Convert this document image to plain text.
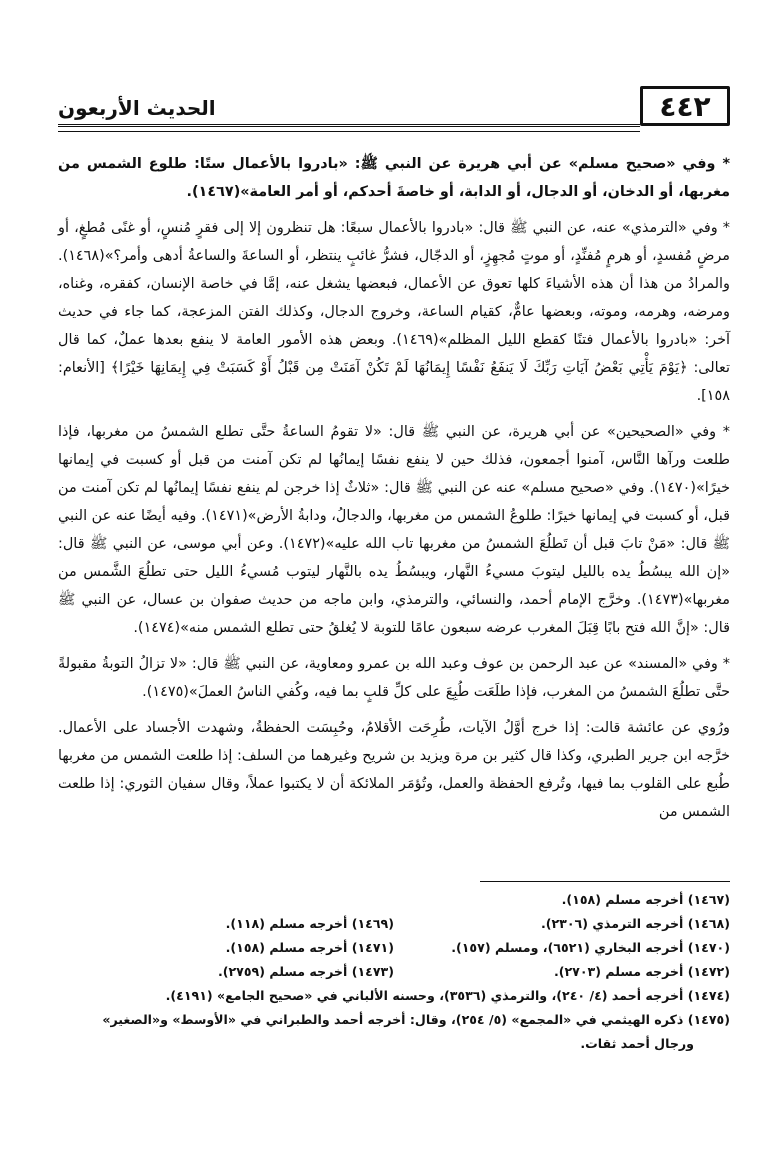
٤٤٢
الحديث الأربعون

* وفي «صحيح مسلم» عن أبي هريرة عن النبي ﷺ: «بادروا بالأعمال ستًا: طلوع الشمس من مغربها، أو الدخان، أو الدجال، أو الدابة، أو خاصةَ أحدكم، أو أمر العامة»(١٤٦٧).

* وفي «الترمذي» عنه، عن النبي ﷺ قال: «بادروا بالأعمال سبعًا: هل تنظرون إلا إلى فقرٍ مُنسٍ، أو غنًى مُطغٍ، أو مرضٍ مُفسدٍ، أو هرمٍ مُفنِّدٍ، أو موتٍ مُجهِزٍ، أو الدجّال، فشرُّ غائبٍ ينتظر، أو الساعةَ والساعةُ أدهى وأمر؟»(١٤٦٨). والمرادُ من هذا أن هذه الأشياءَ كلها تعوق عن الأعمال، فبعضها يشغل عنه، إمَّا في خاصة الإنسان، كفقره، وغناه، ومرضه، وهرمه، وموته، وبعضها عامٌّ، كقيام الساعة، وخروج الدجال، وكذلك الفتن المزعجة، كما جاء في حديث آخر: «بادروا بالأعمال فتنًا كقطع الليل المظلم»(١٤٦٩). وبعض هذه الأمور العامة لا ينفع بعدها عملٌ، كما قال تعالى: ﴿يَوْمَ يَأْتِي بَعْضُ آيَاتِ رَبِّكَ لَا يَنفَعُ نَفْسًا إِيمَانُهَا لَمْ تَكُنْ آمَنَتْ مِن قَبْلُ أَوْ كَسَبَتْ فِي إِيمَانِهَا خَيْرًا﴾ [الأنعام: ١٥٨].

* وفي «الصحيحين» عن أبي هريرة، عن النبي ﷺ قال: «لا تقومُ الساعةُ حتَّى تطلع الشمسُ من مغربها، فإذا طلعت ورآها النَّاس، آمنوا أجمعون، فذلك حين لا ينفع نفسًا إيمانُها لم تكن آمنت من قبل أو كسبت في إيمانها خيرًا»(١٤٧٠). وفي «صحيح مسلم» عنه عن النبي ﷺ قال: «ثلاثٌ إذا خرجن لم ينفع نفسًا إيمانُها لم تكن آمنت من قبل، أو كسبت في إيمانها خيرًا: طلوعُ الشمس من مغربها، والدجالُ، ودابةُ الأرض»(١٤٧١). وفيه أيضًا عنه عن النبي ﷺ قال: «مَنْ تابَ قبل أن تَطلُعَ الشمسُ من مغربها تاب الله عليه»(١٤٧٢). وعن أبي موسى، عن النبي ﷺ قال: «إن الله يبسُطُ يده بالليل ليتوبَ مسيءُ النَّهار، ويبسُطُ يده بالنَّهار ليتوب مُسيءُ الليل حتى تطلُعَ الشَّمس من مغربها»(١٤٧٣). وخرَّج الإمام أحمد، والنسائي، والترمذي، وابن ماجه من حديث صفوان بن عسال، عن النبي ﷺ قال: «إنَّ الله فتح بابًا قِبَلَ المغرب عرضه سبعون عامًا للتوبة لا يُغلقُ حتى تطلع الشمس منه»(١٤٧٤).

* وفي «المسند» عن عبد الرحمن بن عوف وعبد الله بن عمرو ومعاوية، عن النبي ﷺ قال: «لا تزالُ التوبةُ مقبولةً حتَّى تطلُعَ الشمسُ من المغرب، فإذا طلَعَت طُبِعَ على كلِّ قلبٍ بما فيه، وكُفي الناسُ العملَ»(١٤٧٥).

ورُوي عن عائشة قالت: إذا خرج أوَّلُ الآيات، طُرِحَت الأقلامُ، وحُبِسَت الحفظةُ، وشهدت الأجساد على الأعمال. خرَّجه ابن جرير الطبري، وكذا قال كثير بن مرة ويزيد بن شريح وغيرهما من السلف: إذا طلعت الشمس من مغربها طُبع على القلوب بما فيها، وتُرفع الحفظة والعمل، وتُؤمَر الملائكة أن لا يكتبوا عملاً، وقال سفيان الثوري: إذا طلعت الشمس من

(١٤٦٧) أخرجه مسلم (١٥٨).
(١٤٦٨) أخرجه الترمذي (٢٣٠٦).
(١٤٦٩) أخرجه مسلم (١١٨).
(١٤٧٠) أخرجه البخاري (٦٥٢١)، ومسلم (١٥٧).
(١٤٧١) أخرجه مسلم (١٥٨).
(١٤٧٢) أخرجه مسلم (٢٧٠٣).
(١٤٧٣) أخرجه مسلم (٢٧٥٩).
(١٤٧٤) أخرجه أحمد (٤/ ٢٤٠)، والترمذي (٣٥٣٦)، وحسنه الألباني في «صحيح الجامع» (٤١٩١).
(١٤٧٥) ذكره الهيثمي في «المجمع» (٥/ ٢٥٤)، وقال: أخرجه أحمد والطبراني في «الأوسط» و«الصغير»
ورجال أحمد ثقات.
